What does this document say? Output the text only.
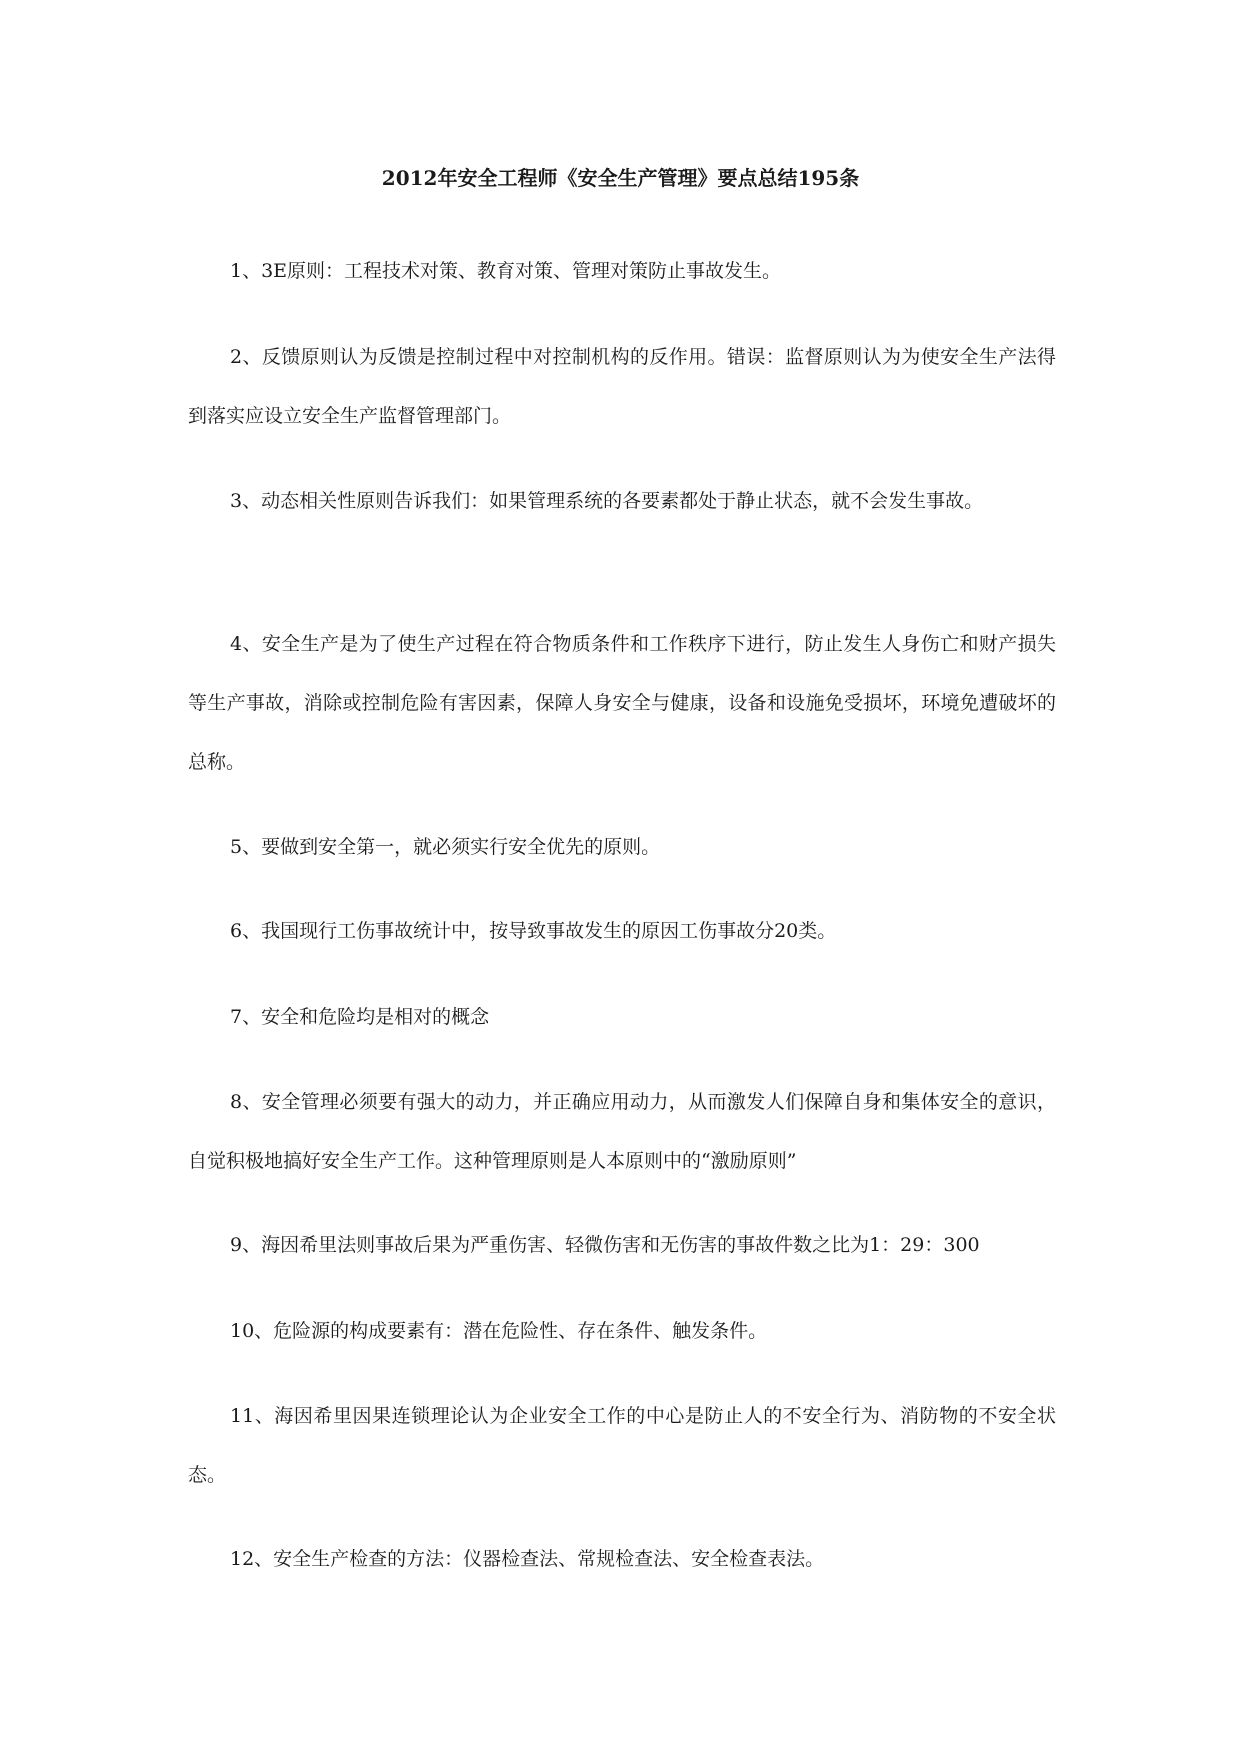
2012年安全工程师《安全生产管理》要点总结195条

1、3E原则：工程技术对策、教育对策、管理对策防止事故发生。

2、反馈原则认为反馈是控制过程中对控制机构的反作用。错误：监督原则认为为使安全生产法得到落实应设立安全生产监督管理部门。

3、动态相关性原则告诉我们：如果管理系统的各要素都处于静止状态，就不会发生事故。

4、安全生产是为了使生产过程在符合物质条件和工作秩序下进行，防止发生人身伤亡和财产损失等生产事故，消除或控制危险有害因素，保障人身安全与健康，设备和设施免受损坏，环境免遭破坏的总称。

5、要做到安全第一，就必须实行安全优先的原则。

6、我国现行工伤事故统计中，按导致事故发生的原因工伤事故分20类。

7、安全和危险均是相对的概念

8、安全管理必须要有强大的动力，并正确应用动力，从而激发人们保障自身和集体安全的意识，自觉积极地搞好安全生产工作。这种管理原则是人本原则中的“激励原则”

9、海因希里法则事故后果为严重伤害、轻微伤害和无伤害的事故件数之比为1：29：300

10、危险源的构成要素有：潜在危险性、存在条件、触发条件。

11、海因希里因果连锁理论认为企业安全工作的中心是防止人的不安全行为、消防物的不安全状态。

12、安全生产检查的方法：仪器检查法、常规检查法、安全检查表法。
